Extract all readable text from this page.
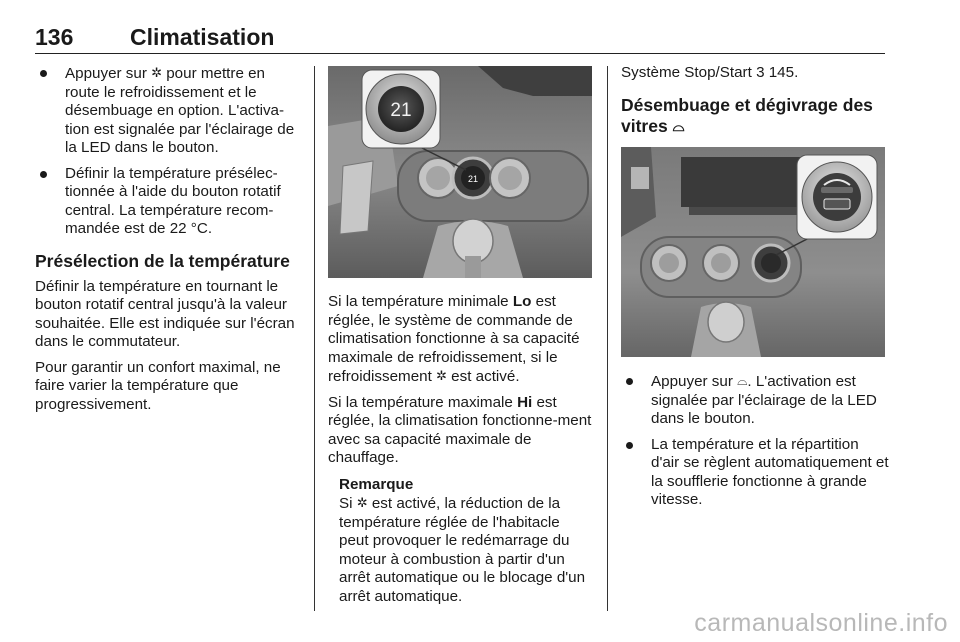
136 Climatisation
Appuyer sur ✲ pour mettre en route le refroidissement et le désembuage en option. L'activa-tion est signalée par l'éclairage de la LED dans le bouton.
Définir la température présélec-tionnée à l'aide du bouton rotatif central. La température recom-mandée est de 22 °C.
Présélection de la température

Définir la température en tournant le bouton rotatif central jusqu'à la valeur souhaitée. Elle est indiquée sur l'écran dans le commutateur.

Pour garantir un confort maximal, ne faire varier la température que progressivement.

21
21

Si la température minimale Lo est réglée, le système de commande de climatisation fonctionne à sa capacité maximale de refroidissement, si le refroidissement ✲ est activé.

Si la température maximale Hi est réglée, la climatisation fonctionne-ment avec sa capacité maximale de chauffage.

Remarque
Si ✲ est activé, la réduction de la température réglée de l'habitacle peut provoquer le redémarrage du moteur à combustion à partir d'un arrêt automatique ou le blocage d'un arrêt automatique.

Système Stop/Start 3 145.

Désembuage et dégivrage des vitres ⌓
Appuyer sur ⌓. L'activation est signalée par l'éclairage de la LED dans le bouton.
La température et la répartition d'air se règlent automatiquement et la soufflerie fonctionne à grande vitesse.
carmanualsonline.info
